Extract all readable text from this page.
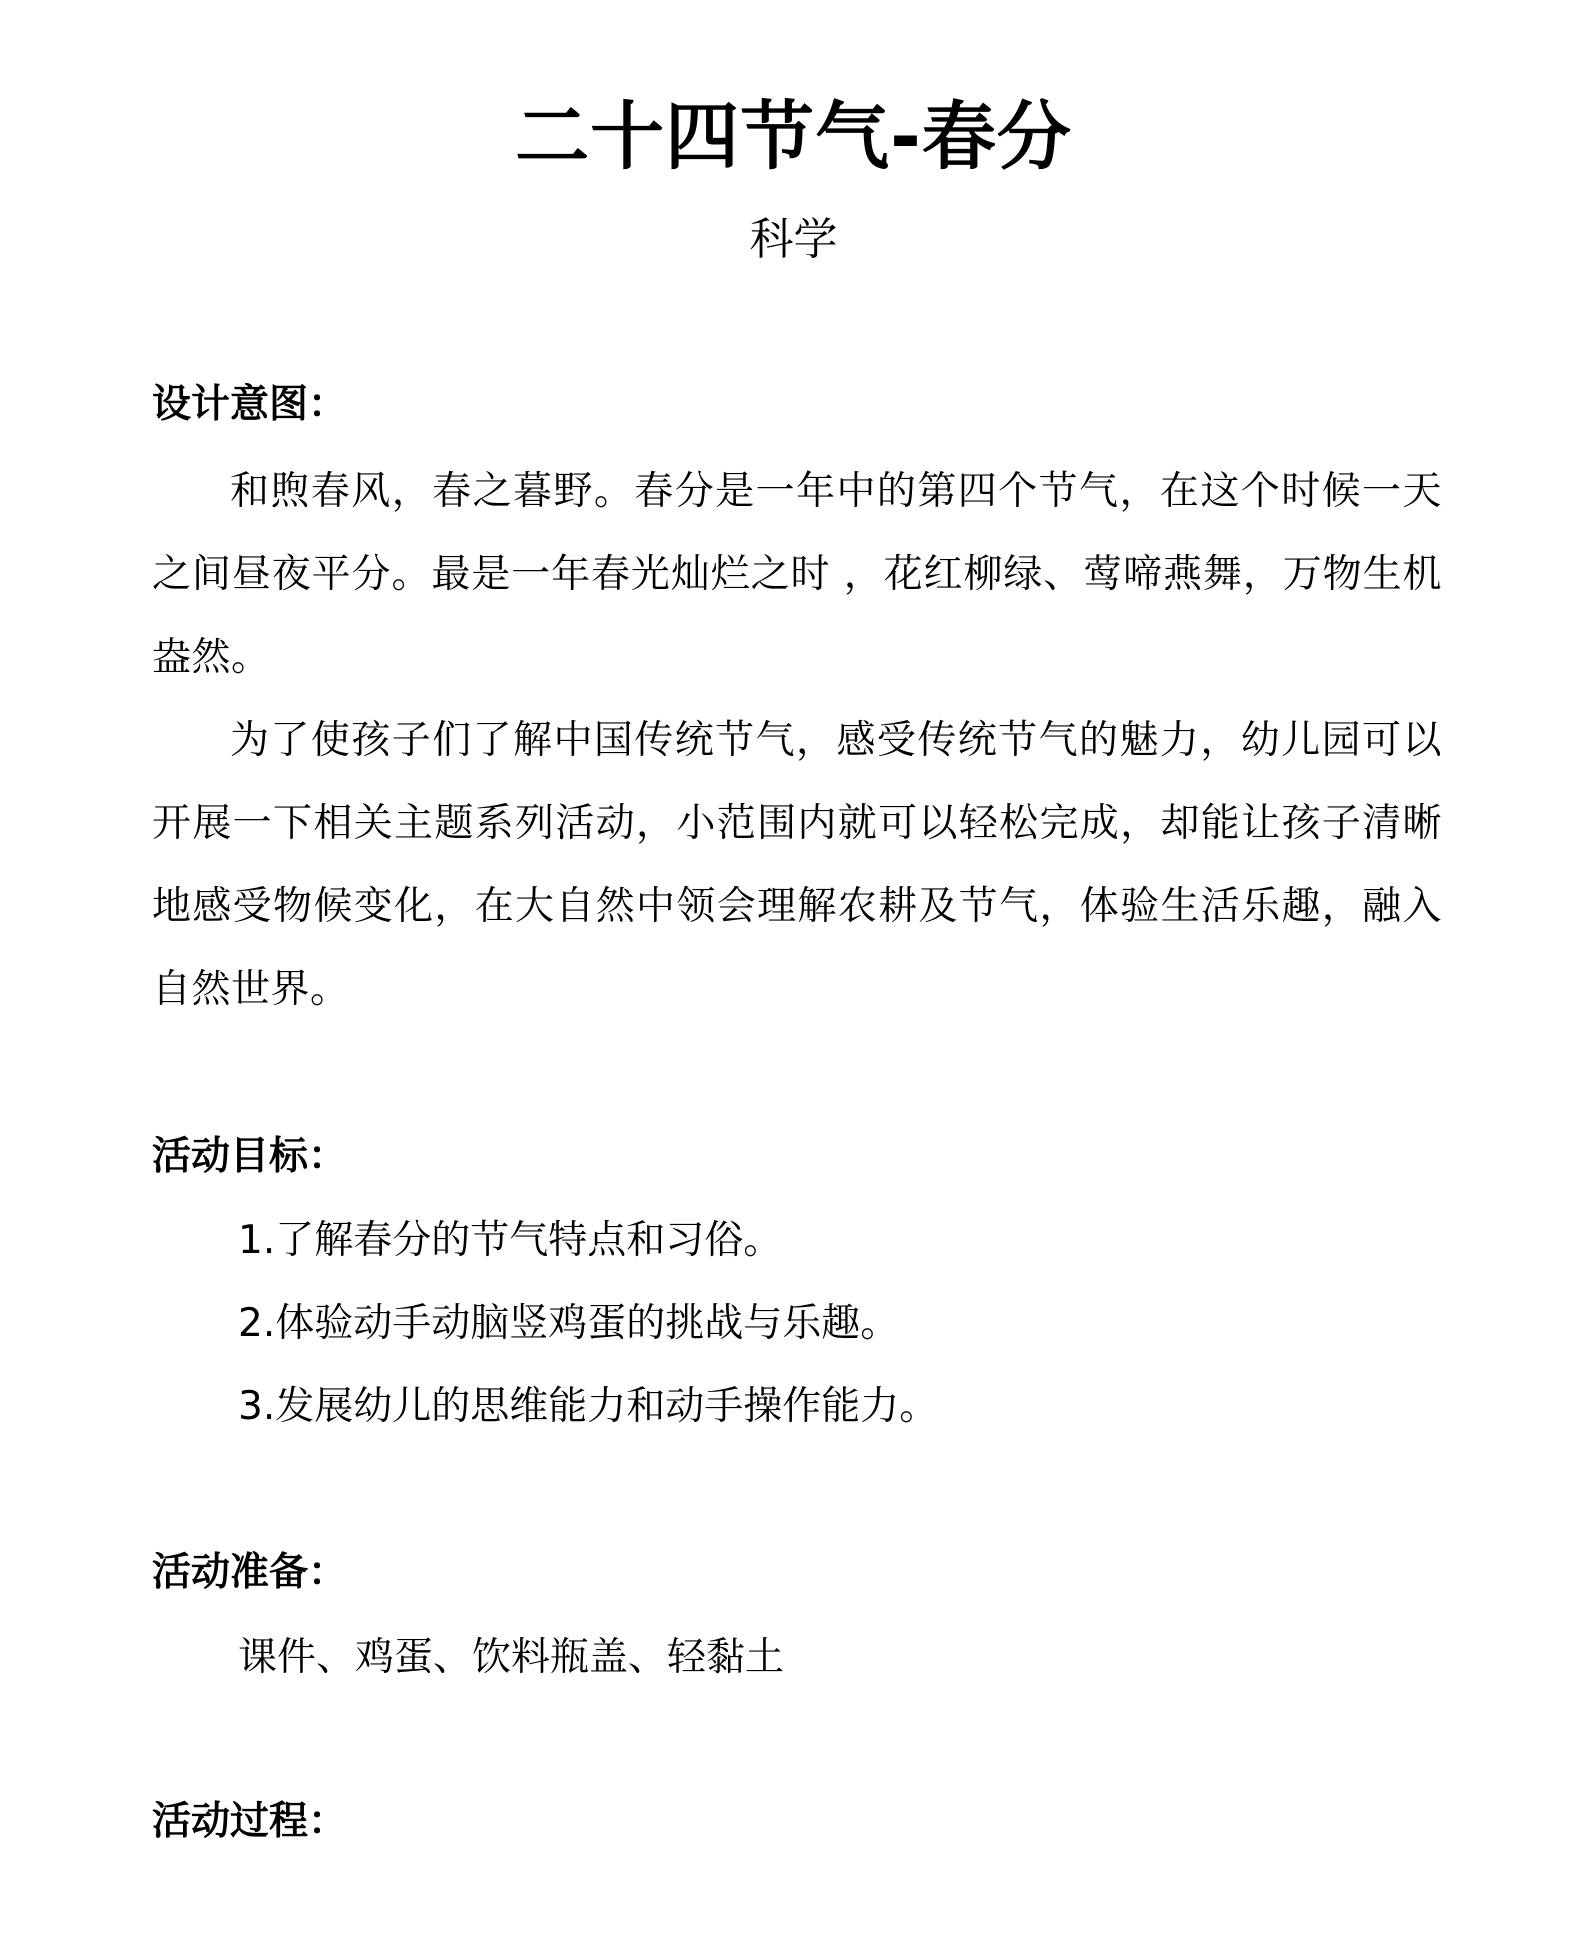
二十四节气-春分
科学
设计意图：
和煦春风，春之暮野。春分是一年中的第四个节气，在这个时候一天之间昼夜平分。最是一年春光灿烂之时 ，花红柳绿、莺啼燕舞，万物生机盎然。
为了使孩子们了解中国传统节气，感受传统节气的魅力，幼儿园可以开展一下相关主题系列活动，小范围内就可以轻松完成，却能让孩子清晰地感受物候变化，在大自然中领会理解农耕及节气，体验生活乐趣，融入自然世界。
活动目标：
1.了解春分的节气特点和习俗。
2.体验动手动脑竖鸡蛋的挑战与乐趣。
3.发展幼儿的思维能力和动手操作能力。
活动准备：
课件、鸡蛋、饮料瓶盖、轻黏土
活动过程：
